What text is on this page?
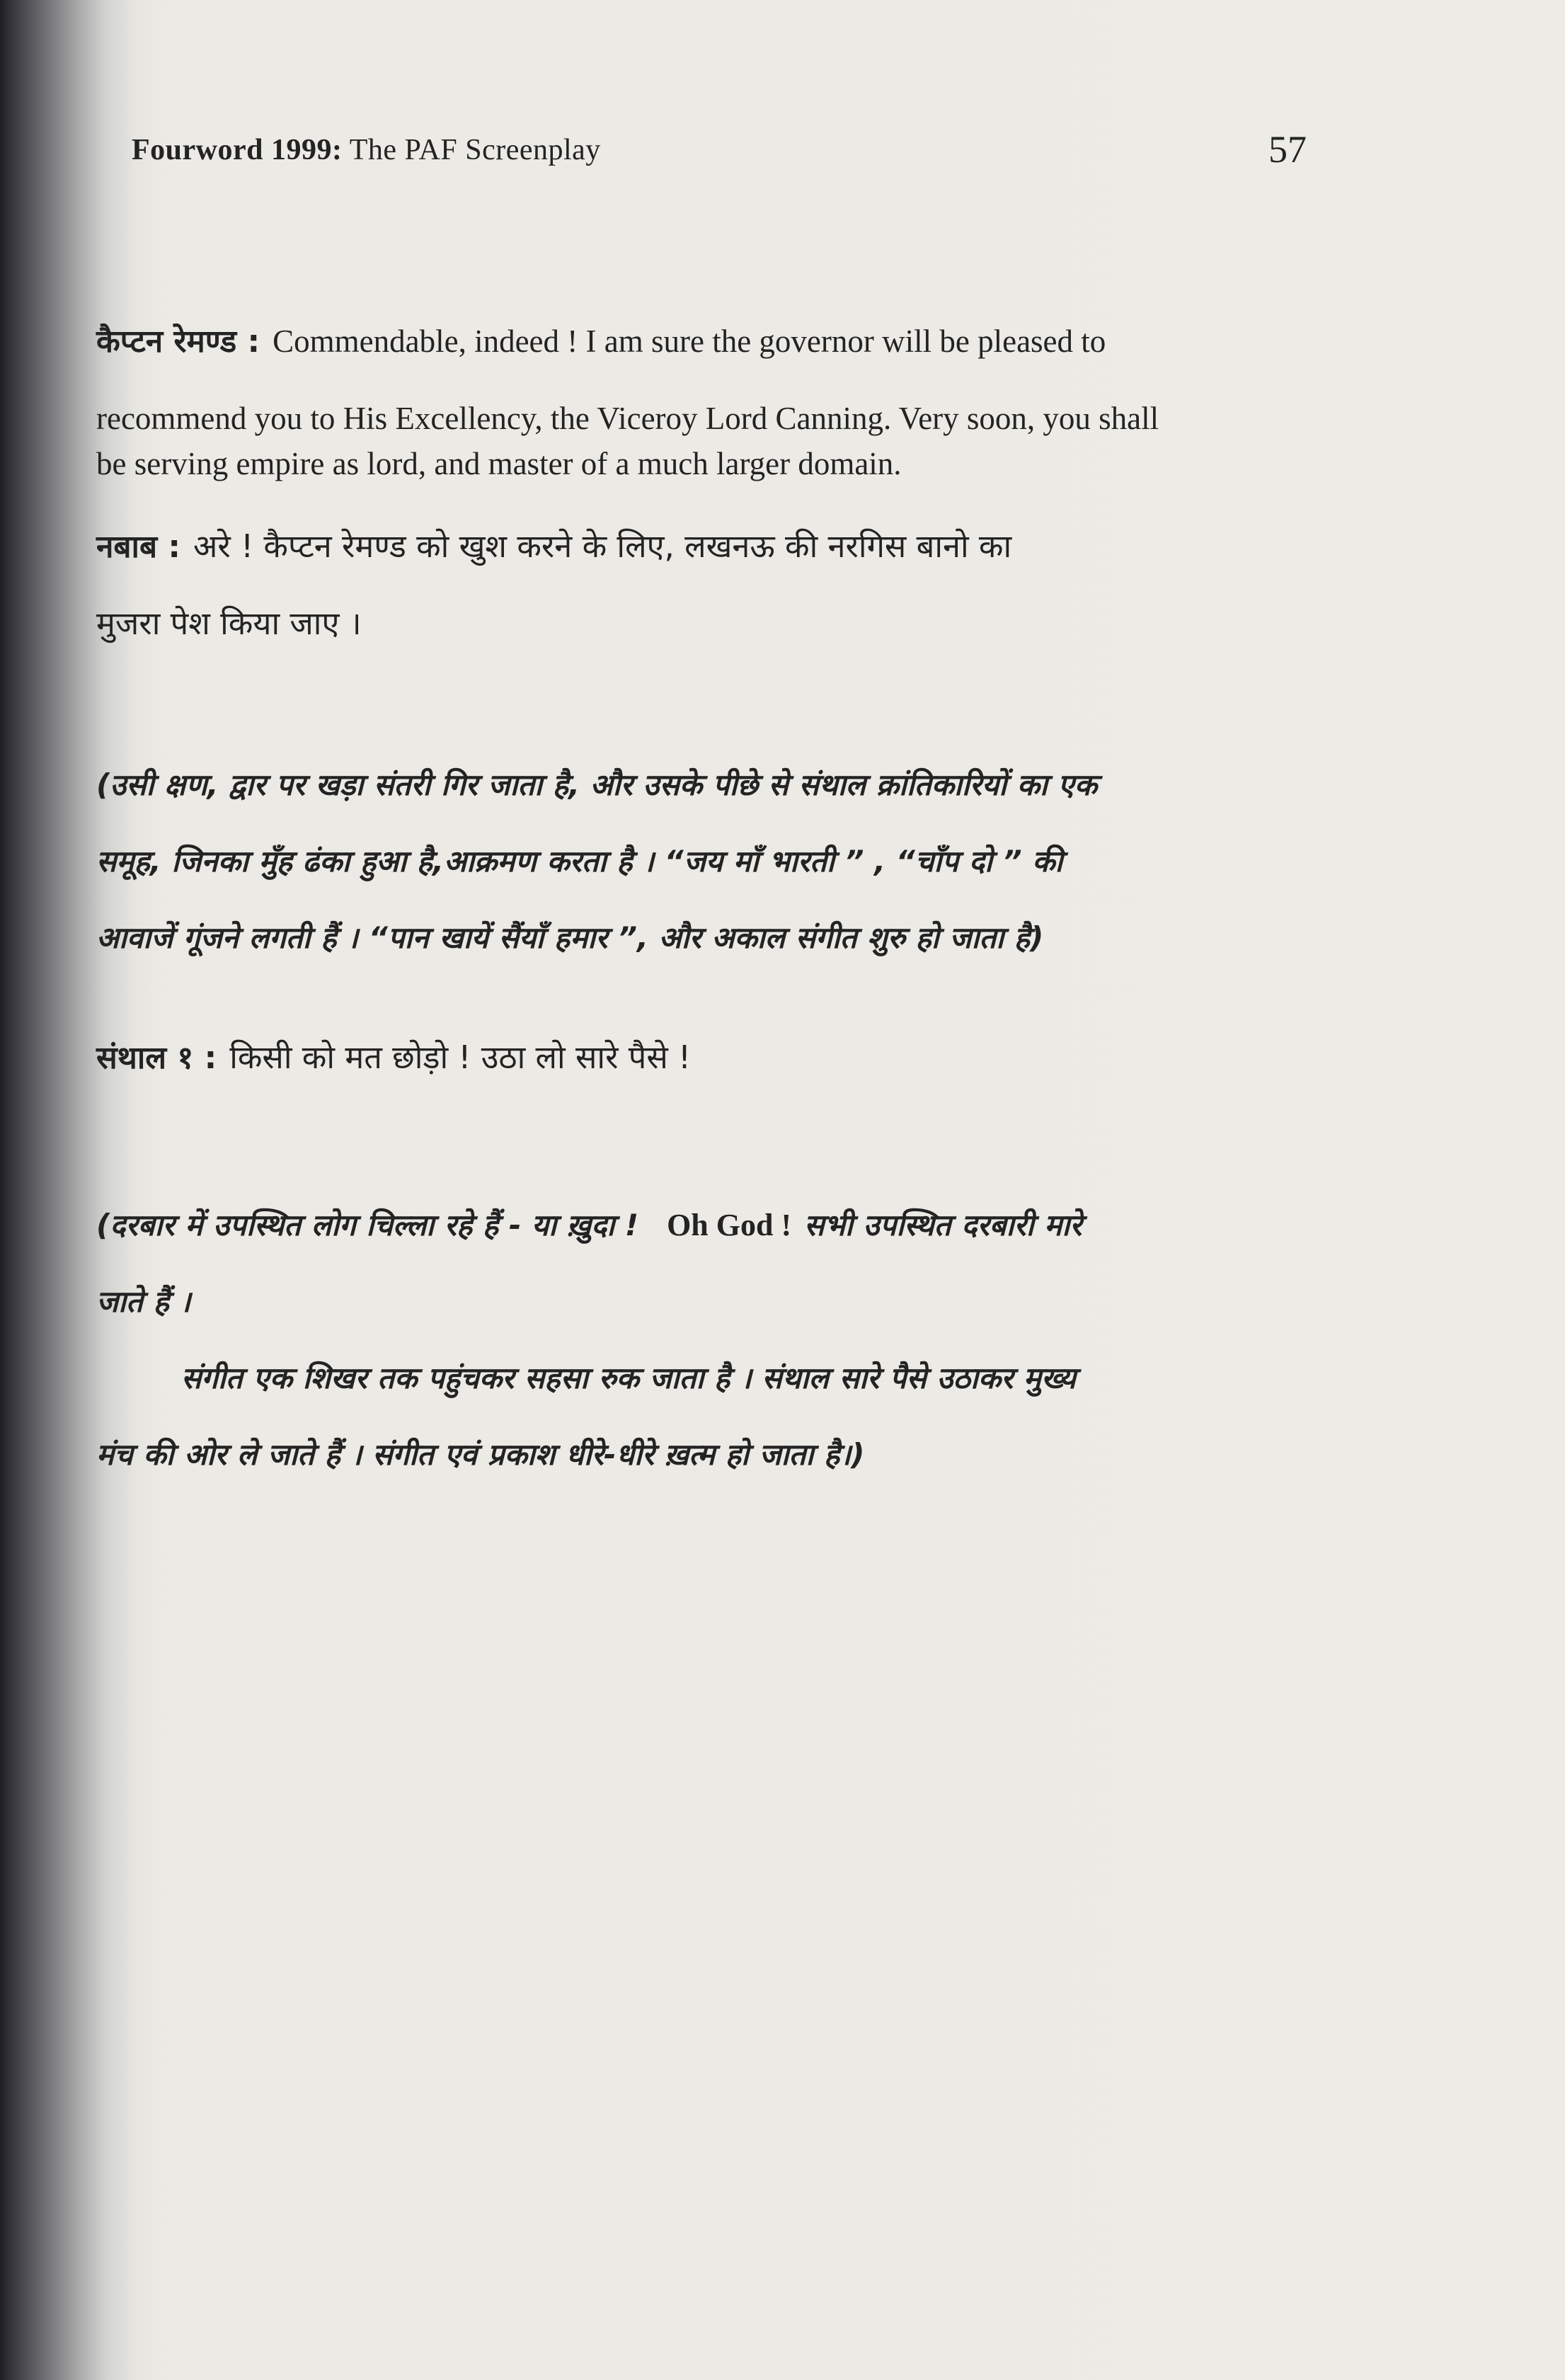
Fourword 1999: The PAF Screenplay	57
कैप्टन रेमण्ड : Commendable, indeed ! I am sure the governor will be pleased to
recommend you to His Excellency, the Viceroy Lord Canning. Very soon, you shall
be serving empire as lord, and master of a much larger domain.
नबाब : अरे ! कैप्टन रेमण्ड को खुश करने के लिए, लखनऊ की नरगिस बानो का
मुजरा पेश किया जाए ।
(उसी क्षण, द्वार पर खड़ा संतरी गिर जाता है, और उसके पीछे से संथाल क्रांतिकारियों का एक
समूह, जिनका मुँह ढंका हुआ है,आक्रमण करता है । “जय माँ भारती ” , “चाँप दो ” की
आवाजें गूंजने लगती हैं । “पान खायें सैंयाँ हमार ”, और अकाल संगीत शुरु हो जाता है)
संथाल १ : किसी को मत छोड़ो ! उठा लो सारे पैसे !
(दरबार में उपस्थित लोग चिल्ला रहे हैं - या ख़ुदा ! Oh God ! सभी उपस्थित दरबारी मारे
जाते हैं ।
संगीत एक शिखर तक पहुंचकर सहसा रुक जाता है । संथाल सारे पैसे उठाकर मुख्य
मंच की ओर ले जाते हैं । संगीत एवं प्रकाश धीरे-धीरे ख़त्म हो जाता है।)
